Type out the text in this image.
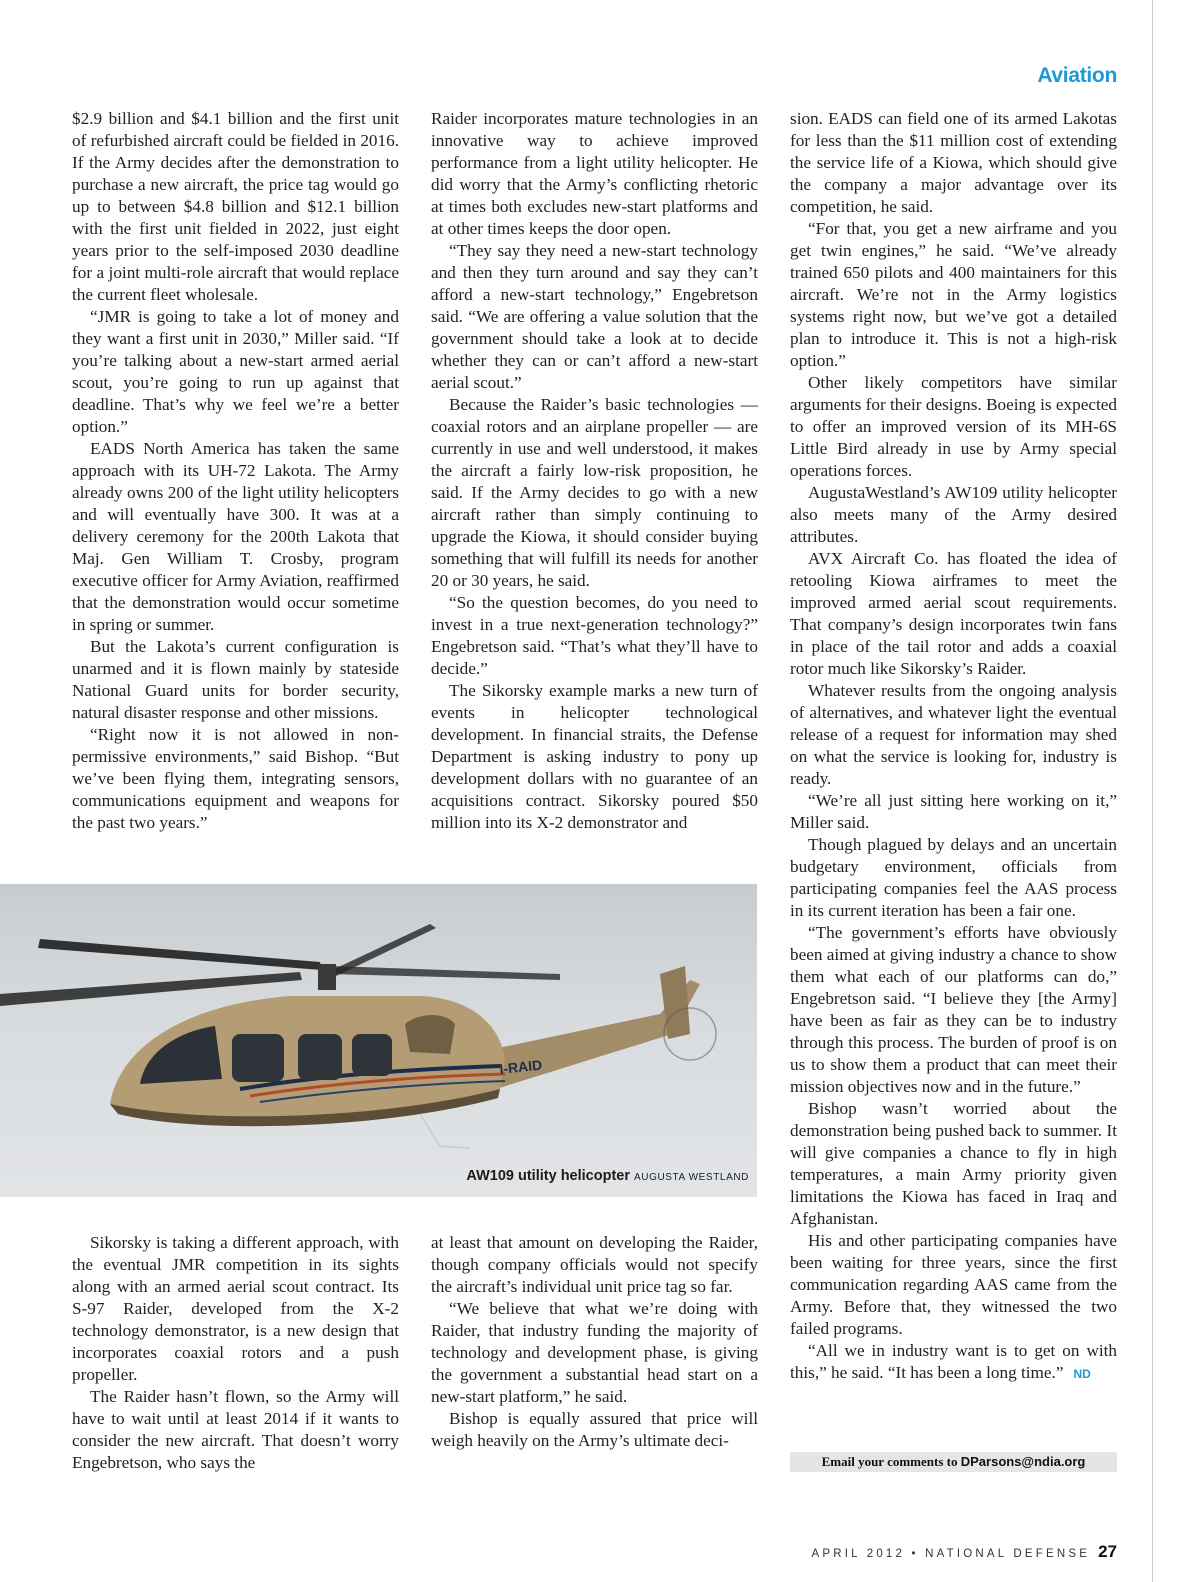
Aviation

$2.9 billion and $4.1 billion and the first unit of refurbished aircraft could be fielded in 2016. If the Army decides after the demonstration to purchase a new aircraft, the price tag would go up to between $4.8 billion and $12.1 billion with the first unit fielded in 2022, just eight years prior to the self-imposed 2030 deadline for a joint multi-role aircraft that would replace the current fleet wholesale.

“JMR is going to take a lot of money and they want a first unit in 2030,” Miller said. “If you’re talking about a new-start armed aerial scout, you’re going to run up against that deadline. That’s why we feel we’re a better option.”

EADS North America has taken the same approach with its UH-72 Lakota. The Army already owns 200 of the light utility helicopters and will eventually have 300. It was at a delivery ceremony for the 200th Lakota that Maj. Gen William T. Crosby, program executive officer for Army Aviation, reaffirmed that the demonstration would occur sometime in spring or summer.

But the Lakota’s current configuration is unarmed and it is flown mainly by stateside National Guard units for border security, natural disaster response and other missions.

“Right now it is not allowed in non-permissive environments,” said Bishop. “But we’ve been flying them, integrating sensors, communications equipment and weapons for the past two years.”

Raider incorporates mature technologies in an innovative way to achieve improved performance from a light utility helicopter. He did worry that the Army’s conflicting rhetoric at times both excludes new-start platforms and at other times keeps the door open.

“They say they need a new-start technology and then they turn around and say they can’t afford a new-start technology,” Engebretson said. “We are offering a value solution that the government should take a look at to decide whether they can or can’t afford a new-start aerial scout.”

Because the Raider’s basic technologies — coaxial rotors and an airplane propeller — are currently in use and well understood, it makes the aircraft a fairly low-risk proposition, he said. If the Army decides to go with a new aircraft rather than simply continuing to upgrade the Kiowa, it should consider buying something that will fulfill its needs for another 20 or 30 years, he said.

“So the question becomes, do you need to invest in a true next-generation technology?” Engebretson said. “That’s what they’ll have to decide.”

The Sikorsky example marks a new turn of events in helicopter technological development. In financial straits, the Defense Department is asking industry to pony up development dollars with no guarantee of an acquisitions contract. Sikorsky poured $50 million into its X-2 demonstrator and

sion. EADS can field one of its armed Lakotas for less than the $11 million cost of extending the service life of a Kiowa, which should give the company a major advantage over its competition, he said.

“For that, you get a new airframe and you get twin engines,” he said. “We’ve already trained 650 pilots and 400 maintainers for this aircraft. We’re not in the Army logistics systems right now, but we’ve got a detailed plan to introduce it. This is not a high-risk option.”

Other likely competitors have similar arguments for their designs. Boeing is expected to offer an improved version of its MH-6S Little Bird already in use by Army special operations forces.

AugustaWestland’s AW109 utility helicopter also meets many of the Army desired attributes.

AVX Aircraft Co. has floated the idea of retooling Kiowa airframes to meet the improved armed aerial scout requirements. That company’s design incorporates twin fans in place of the tail rotor and adds a coaxial rotor much like Sikorsky’s Raider.

Whatever results from the ongoing analysis of alternatives, and whatever light the eventual release of a request for information may shed on what the service is looking for, industry is ready.

“We’re all just sitting here working on it,” Miller said.

Though plagued by delays and an uncertain budgetary environment, officials from participating companies feel the AAS process in its current iteration has been a fair one.

“The government’s efforts have obviously been aimed at giving industry a chance to show them what each of our platforms can do,” Engebretson said. “I believe they [the Army] have been as fair as they can be to industry through this process. The burden of proof is on us to show them a product that can meet their mission objectives now and in the future.”

Bishop wasn’t worried about the demonstration being pushed back to summer. It will give companies a chance to fly in high temperatures, a main Army priority given limitations the Kiowa has faced in Iraq and Afghanistan.

His and other participating companies have been waiting for three years, since the first communication regarding AAS came from the Army. Before that, they witnessed the two failed programs.

“All we in industry want is to get on with this,” he said. “It has been a long time.” ND

AW109 utility helicopter AUGUSTA WESTLAND
I-RAID

Sikorsky is taking a different approach, with the eventual JMR competition in its sights along with an armed aerial scout contract. Its S-97 Raider, developed from the X-2 technology demonstrator, is a new design that incorporates coaxial rotors and a push propeller.

The Raider hasn’t flown, so the Army will have to wait until at least 2014 if it wants to consider the new aircraft. That doesn’t worry Engebretson, who says the

at least that amount on developing the Raider, though company officials would not specify the aircraft’s individual unit price tag so far.

“We believe that what we’re doing with Raider, that industry funding the majority of technology and development phase, is giving the government a substantial head start on a new-start platform,” he said.

Bishop is equally assured that price will weigh heavily on the Army’s ultimate deci-

Email your comments to DParsons@ndia.org
APRIL 2012 • NATIONAL DEFENSE 27
